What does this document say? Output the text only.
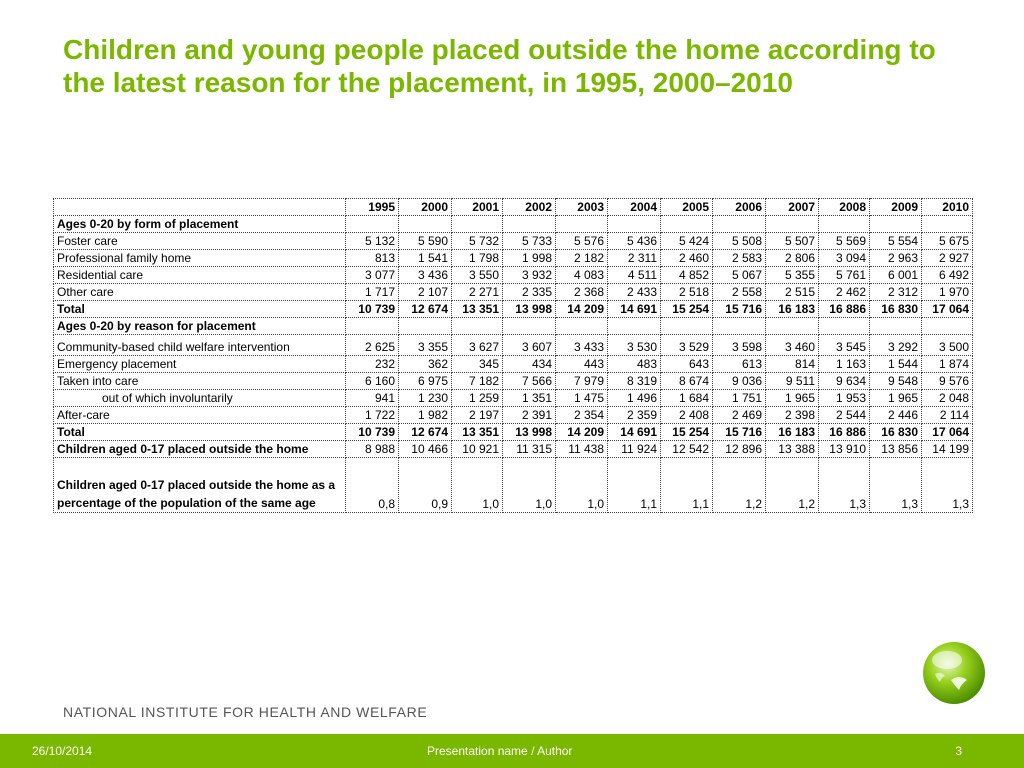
Children and young people placed outside the home according to the latest reason for the placement, in 1995, 2000–2010
	1995	2000	2001	2002	2003	2004	2005	2006	2007	2008	2009	2010
Ages 0-20 by form of placement												
Foster care	5 132	5 590	5 732	5 733	5 576	5 436	5 424	5 508	5 507	5 569	5 554	5 675
Professional family home	813	1 541	1 798	1 998	2 182	2 311	2 460	2 583	2 806	3 094	2 963	2 927
Residential care	3 077	3 436	3 550	3 932	4 083	4 511	4 852	5 067	5 355	5 761	6 001	6 492
Other care	1 717	2 107	2 271	2 335	2 368	2 433	2 518	2 558	2 515	2 462	2 312	1 970
Total	10 739	12 674	13 351	13 998	14 209	14 691	15 254	15 716	16 183	16 886	16 830	17 064
Ages 0-20 by reason for placement												
Community-based child welfare intervention	2 625	3 355	3 627	3 607	3 433	3 530	3 529	3 598	3 460	3 545	3 292	3 500
Emergency placement	232	362	345	434	443	483	643	613	814	1 163	1 544	1 874
Taken into care	6 160	6 975	7 182	7 566	7 979	8 319	8 674	9 036	9 511	9 634	9 548	9 576
out of which involuntarily	941	1 230	1 259	1 351	1 475	1 496	1 684	1 751	1 965	1 953	1 965	2 048
After-care	1 722	1 982	2 197	2 391	2 354	2 359	2 408	2 469	2 398	2 544	2 446	2 114
Total	10 739	12 674	13 351	13 998	14 209	14 691	15 254	15 716	16 183	16 886	16 830	17 064
Children aged 0-17 placed outside the home	8 988	10 466	10 921	11 315	11 438	11 924	12 542	12 896	13 388	13 910	13 856	14 199
Children aged 0-17 placed outside the home as a percentage of the population of the same age	0,8	0,9	1,0	1,0	1,0	1,1	1,1	1,2	1,2	1,3	1,3	1,3
NATIONAL INSTITUTE FOR HEALTH AND WELFARE
26/10/2014	Presentation name / Author	3
